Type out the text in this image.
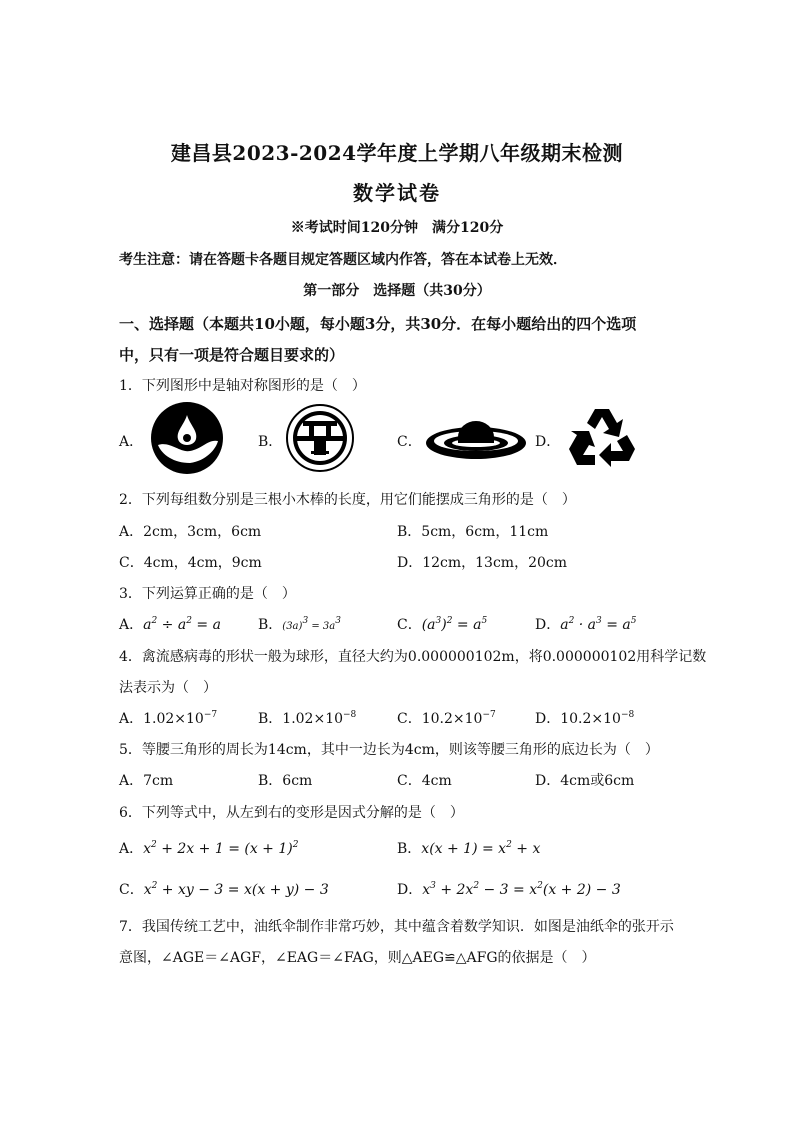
建昌县2023-2024学年度上学期八年级期末检测
数学试卷
※考试时间120分钟　满分120分
考生注意：请在答题卡各题目规定答题区域内作答，答在本试卷上无效．
第一部分　选择题（共30分）
一、选择题（本题共10小题，每小题3分，共30分．在每小题给出的四个选项
中，只有一项是符合题目要求的）
1．下列图形中是轴对称图形的是（　）
A．	B．	C．	D．
2．下列每组数分别是三根小木棒的长度，用它们能摆成三角形的是（　）
A．2cm，3cm，6cm	B．5cm，6cm，11cm
C．4cm，4cm，9cm	D．12cm，13cm，20cm
3．下列运算正确的是（　）
A．$a^2 \div a^2 = a$	B．$(3a)^3 = 3a^3$	C．$(a^3)^2 = a^5$	D．$a^2 \cdot a^3 = a^5$
4．禽流感病毒的形状一般为球形，直径大约为0.000000102m，将0.000000102用科学记数
法表示为（　）
A．$1.02\times 10^{-7}$	B．$1.02\times 10^{-8}$	C．$10.2\times 10^{-7}$	D．$10.2\times 10^{-8}$
5．等腰三角形的周长为14cm，其中一边长为4cm，则该等腰三角形的底边长为（　）
A．7cm	B．6cm	C．4cm	D．4cm或6cm
6．下列等式中，从左到右的变形是因式分解的是（　）
A．$x^2 + 2x + 1 = (x + 1)^2$	B．$x(x + 1) = x^2 + x$
C．$x^2$ + xy − 3 = x(x + y) − 3	D．$x^3 + 2x^2 - 3 = x^2(x + 2) - 3$
7．我国传统工艺中，油纸伞制作非常巧妙，其中蕴含着数学知识．如图是油纸伞的张开示
意图，∠AGE＝∠AGF，∠EAG＝∠FAG，则△AEG≌△AFG的依据是（　）
